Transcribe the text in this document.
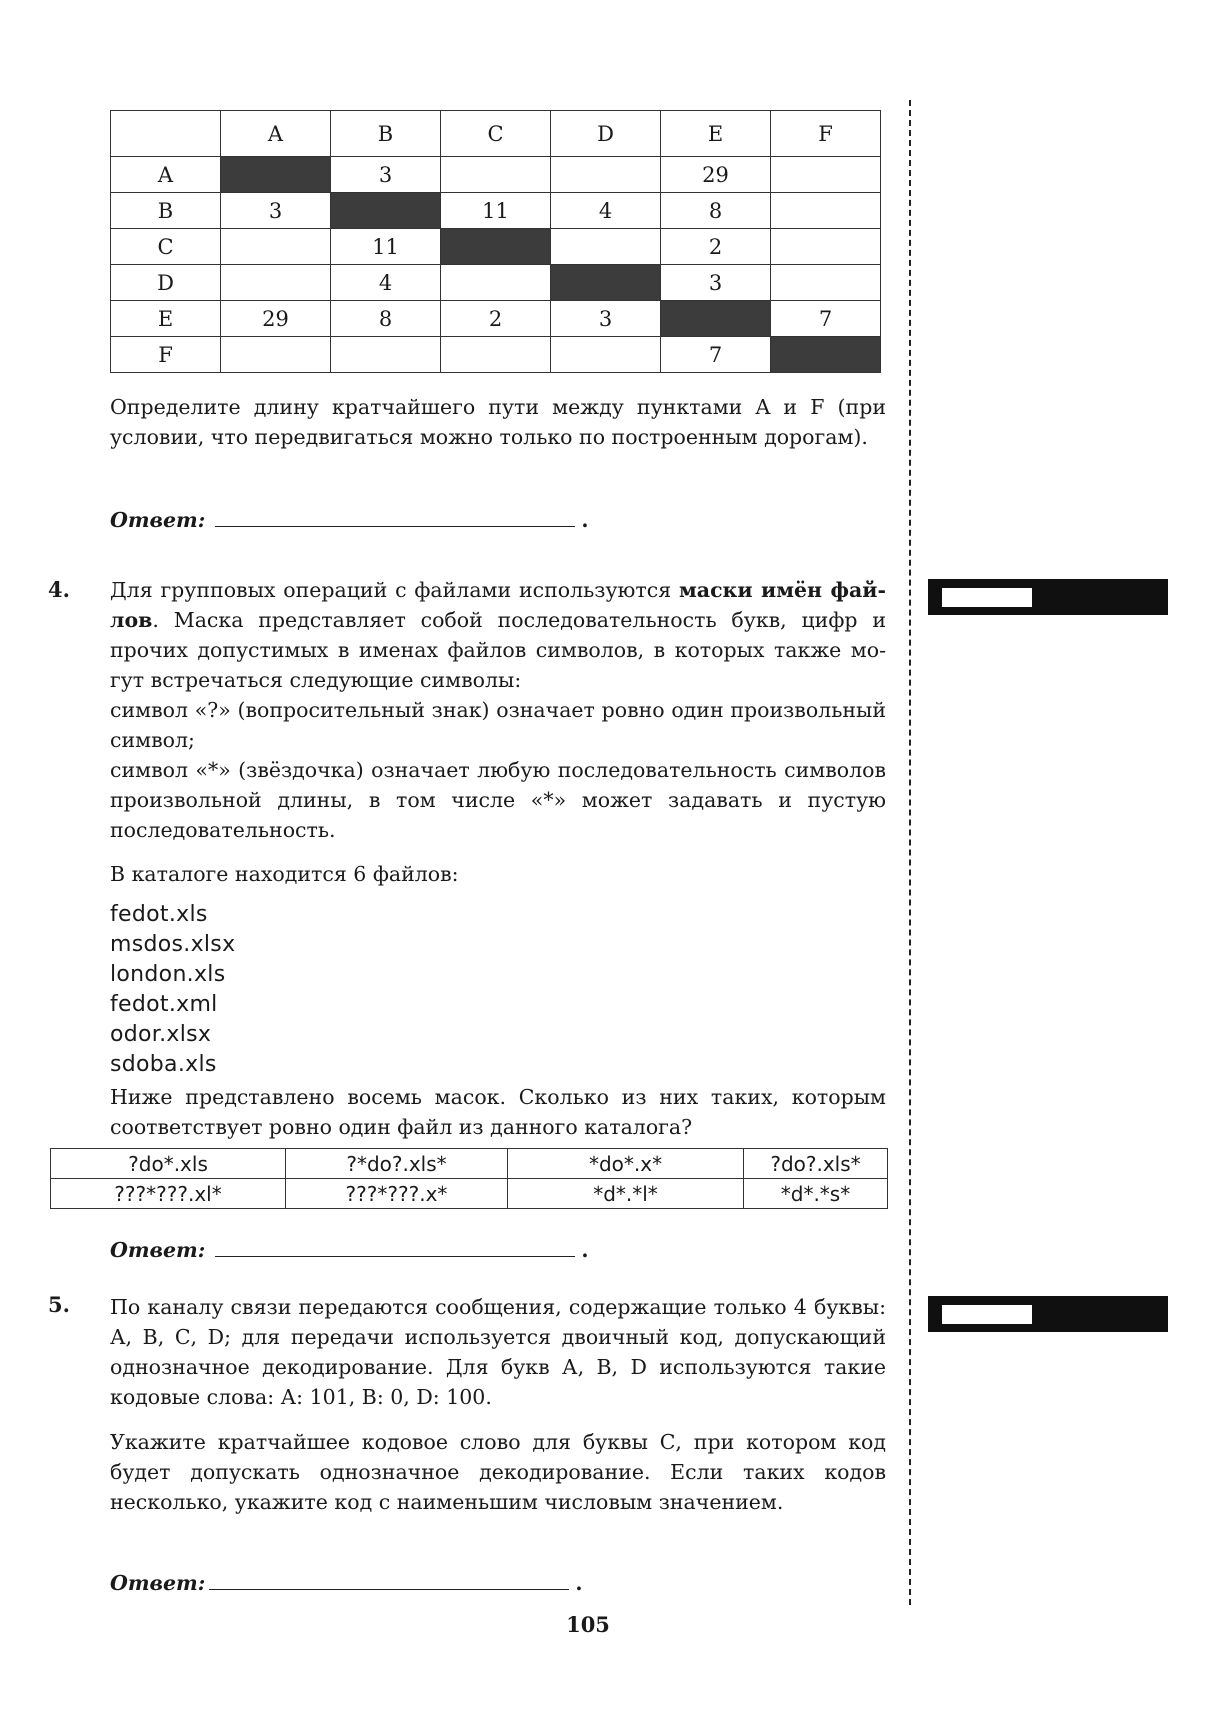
	A	B	C	D	E	F
A		3			29	
B	3		11	4	8	
C		11			2	
D		4			3	
E	29	8	2	3		7
F					7	
Определите длину кратчайшего пути между пунктами A и F (при условии, что передвигаться можно только по построенным дорогам).
Ответ:	.
4. Для групповых операций с файлами используются маски имён файлов. Маска представляет собой последовательность букв, цифр и прочих допустимых в именах файлов символов, в которых также могут встречаться следующие символы:
символ «?» (вопросительный знак) означает ровно один произвольный символ;
символ «*» (звёздочка) означает любую последовательность символов произвольной длины, в том числе «*» может задавать и пустую последовательность.
В каталоге находится 6 файлов:
fedot.xls
msdos.xlsx
london.xls
fedot.xml
odor.xlsx
sdoba.xls
Ниже представлено восемь масок. Сколько из них таких, которым соответствует ровно один файл из данного каталога?
?do*.xls	?*do?.xls*	*do*.x*	?do?.xls*
???*???.xl*	???*???.x*	*d*.*l*	*d*.*s*
Ответ:	.
5. По каналу связи передаются сообщения, содержащие только 4 буквы: А, В, С, D; для передачи используется двоичный код, допускающий однозначное декодирование. Для букв А, В, D используются такие кодовые слова: А: 101, В: 0, D: 100.
Укажите кратчайшее кодовое слово для буквы С, при котором код будет допускать однозначное декодирование. Если таких кодов несколько, укажите код с наименьшим числовым значением.
Ответ:	.
105
